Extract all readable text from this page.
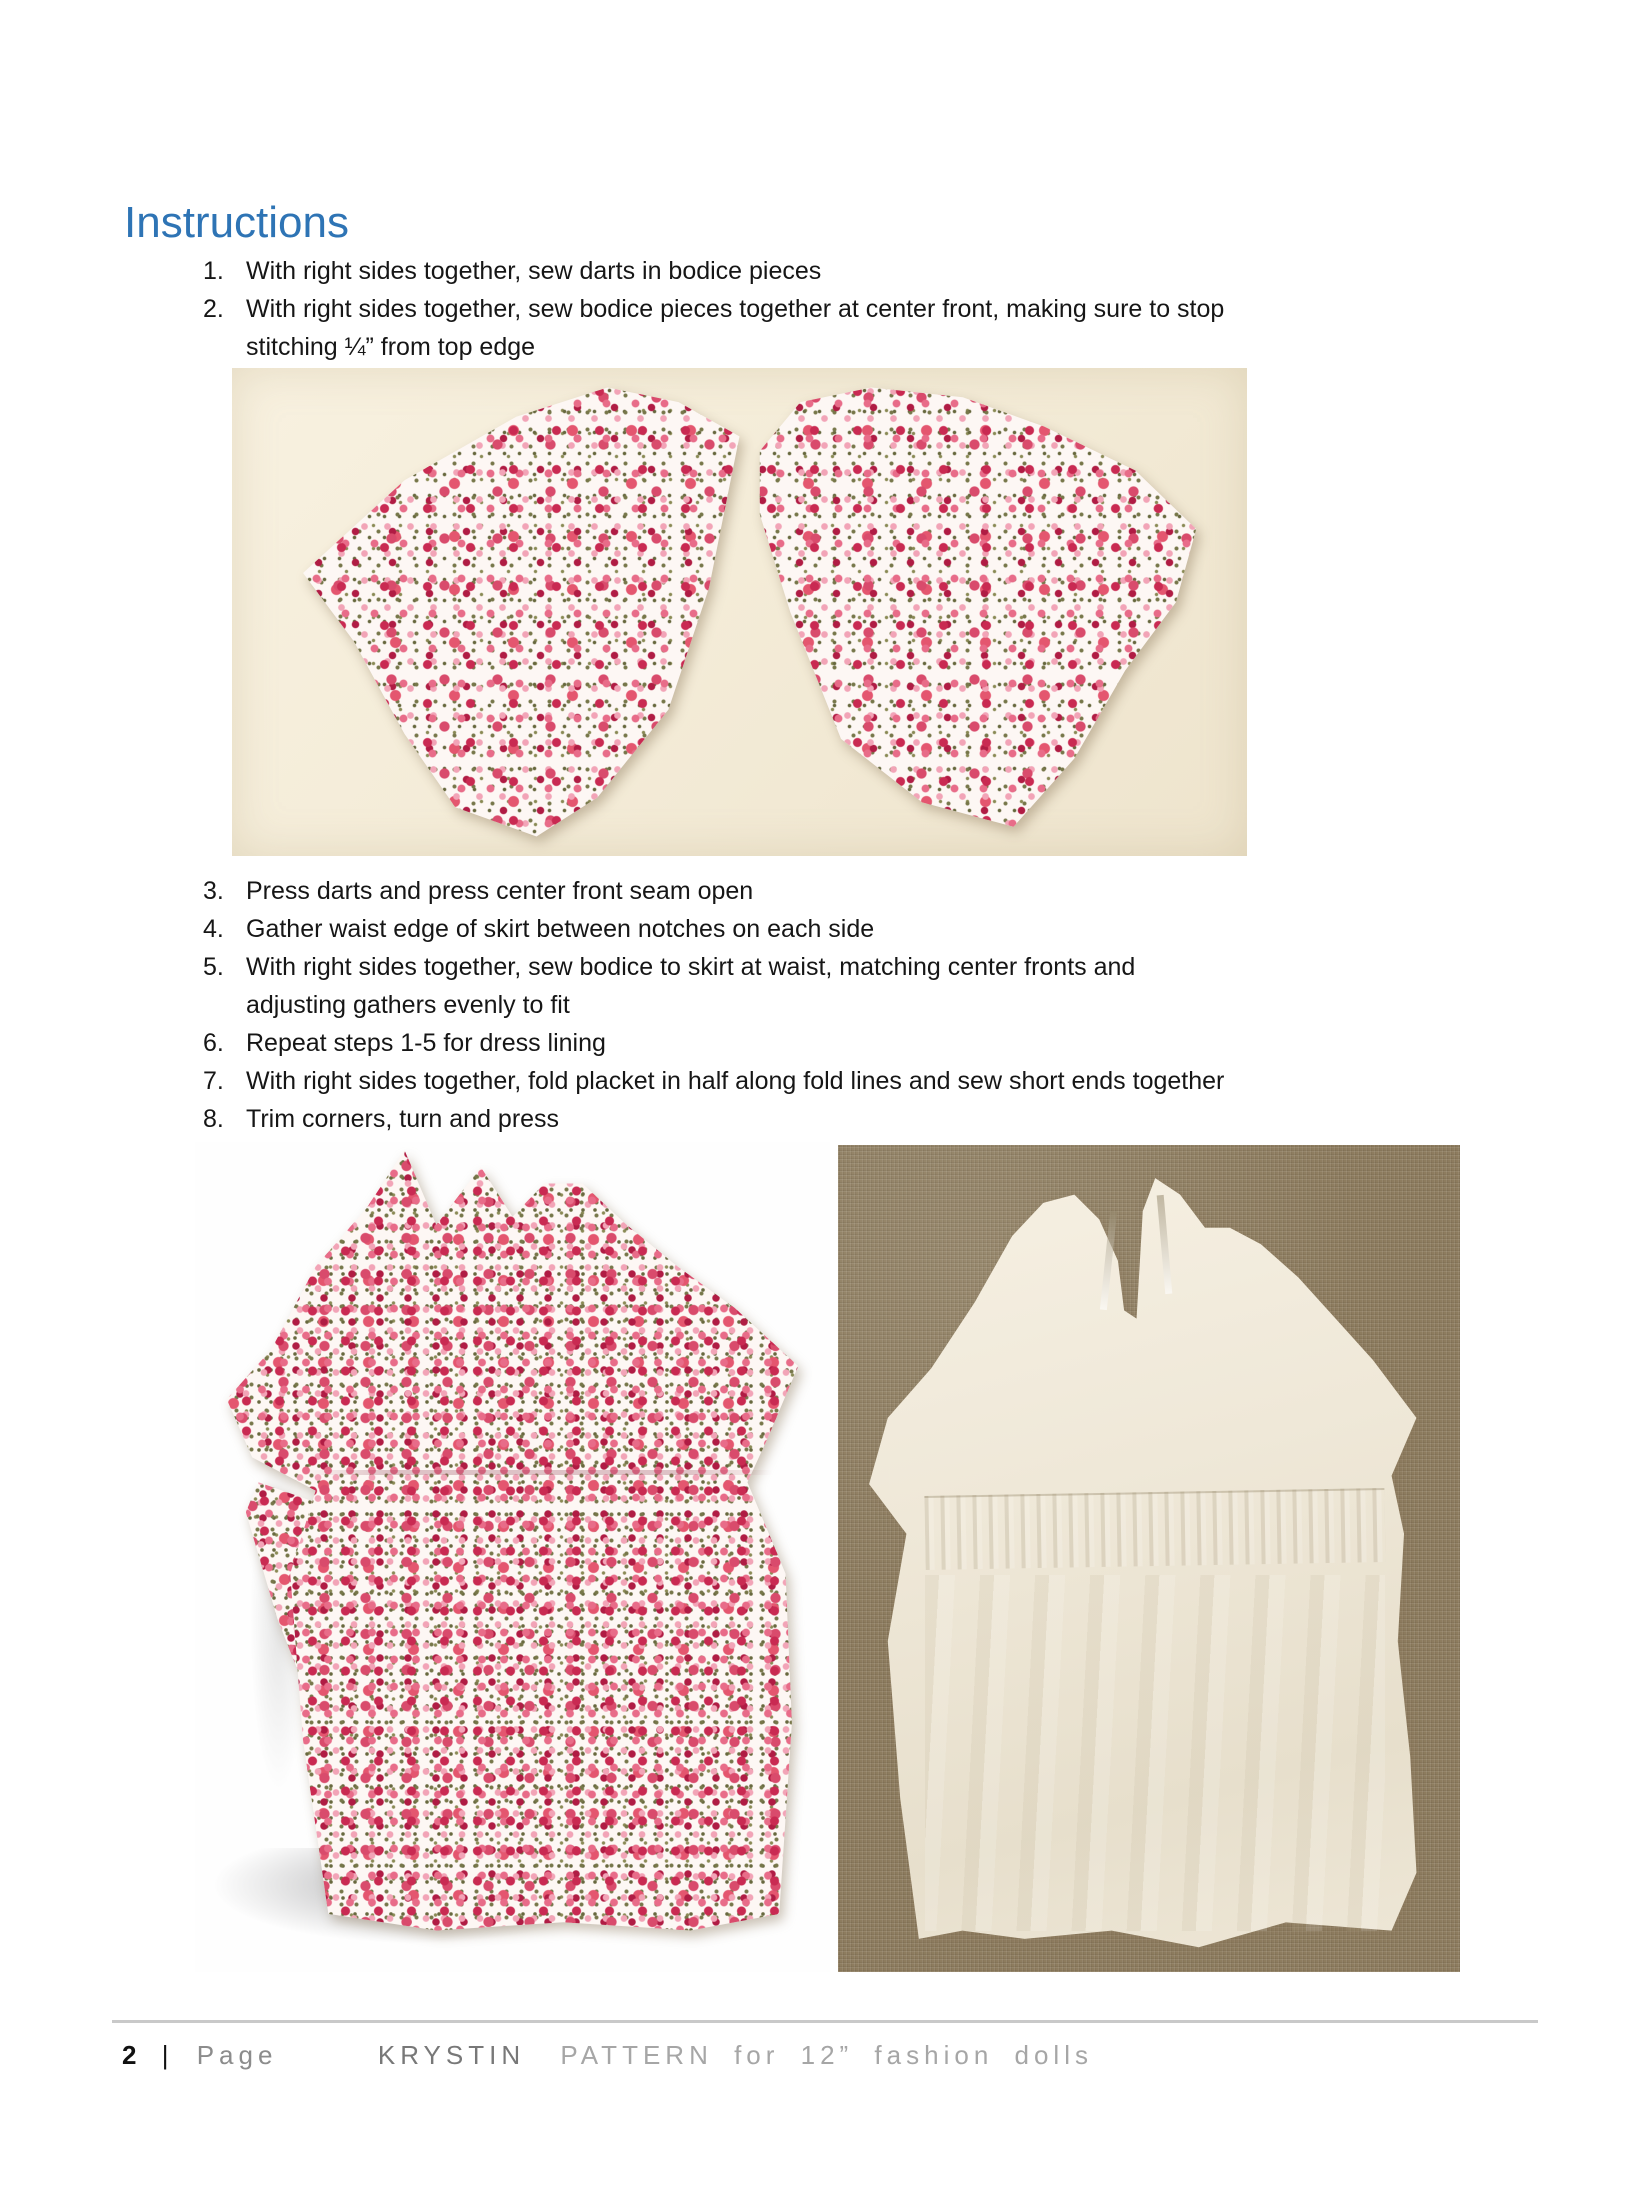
Instructions
1. With right sides together, sew darts in bodice pieces
2. With right sides together, sew bodice pieces together at center front, making sure to stop
stitching ¼” from top edge
3. Press darts and press center front seam open
4. Gather waist edge of skirt between notches on each side
5. With right sides together, sew bodice to skirt at waist, matching center fronts and
adjusting gathers evenly to fit
6. Repeat steps 1-5 for dress lining
7. With right sides together, fold placket in half along fold lines and sew short ends together
8. Trim corners, turn and press
2 | Page	KRYSTIN PATTERN for 12” fashion dolls
